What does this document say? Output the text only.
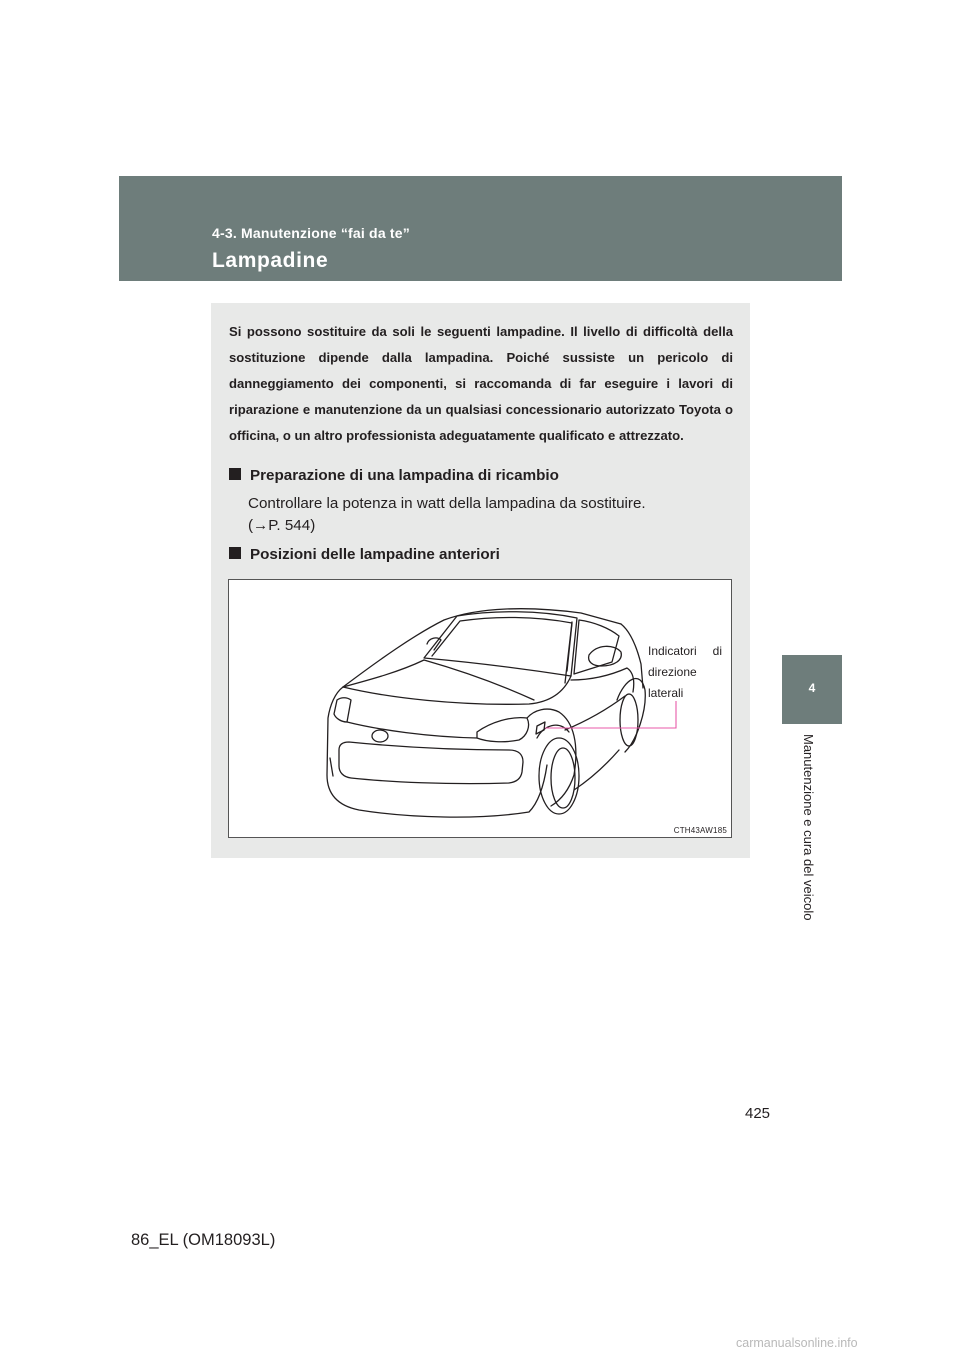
4-3. Manutenzione “fai da te”
Lampadine
4
Manutenzione e cura del veicolo

Si possono sostituire da soli le seguenti lampadine. Il livello di difficoltà della sostituzione dipende dalla lampadina. Poiché sussiste un pericolo di danneggiamento dei componenti, si raccomanda di far eseguire i lavori di riparazione e manutenzione da un qualsiasi concessionario autorizzato Toyota o officina, o un altro professionista adeguatamente qualificato e attrezzato.

Preparazione di una lampadina di ricambio
Controllare la potenza in watt della lampadina da sostituire.
(→P. 544)
Posizioni delle lampadine anteriori
Indicatori di
direzione
laterali
CTH43AW185
425
86_EL (OM18093L)
carmanualsonline.info
